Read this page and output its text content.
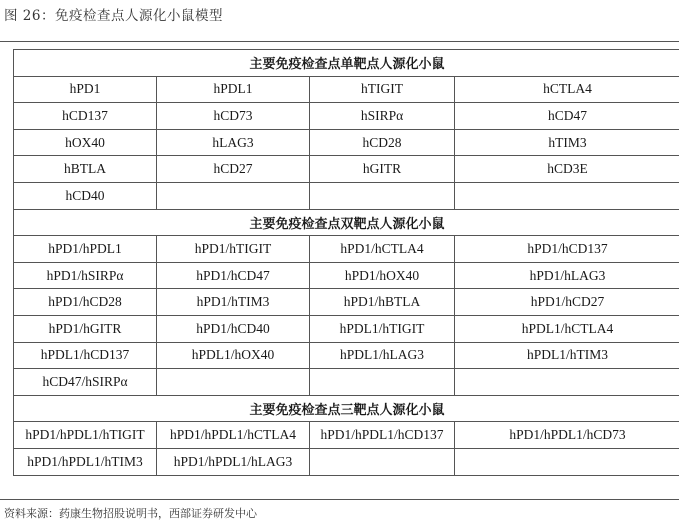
图 26：免疫检查点人源化小鼠模型
主要免疫检查点单靶点人源化小鼠			
hPD1	hPDL1	hTIGIT	hCTLA4
hCD137	hCD73	hSIRPα	hCD47
hOX40	hLAG3	hCD28	hTIM3
hBTLA	hCD27	hGITR	hCD3E
hCD40			
主要免疫检查点双靶点人源化小鼠			
hPD1/hPDL1	hPD1/hTIGIT	hPD1/hCTLA4	hPD1/hCD137
hPD1/hSIRPα	hPD1/hCD47	hPD1/hOX40	hPD1/hLAG3
hPD1/hCD28	hPD1/hTIM3	hPD1/hBTLA	hPD1/hCD27
hPD1/hGITR	hPD1/hCD40	hPDL1/hTIGIT	hPDL1/hCTLA4
hPDL1/hCD137	hPDL1/hOX40	hPDL1/hLAG3	hPDL1/hTIM3
hCD47/hSIRPα			
主要免疫检查点三靶点人源化小鼠			
hPD1/hPDL1/hTIGIT	hPD1/hPDL1/hCTLA4	hPD1/hPDL1/hCD137	hPD1/hPDL1/hCD73
hPD1/hPDL1/hTIM3	hPD1/hPDL1/hLAG3		
资料来源：药康生物招股说明书，西部证券研发中心
